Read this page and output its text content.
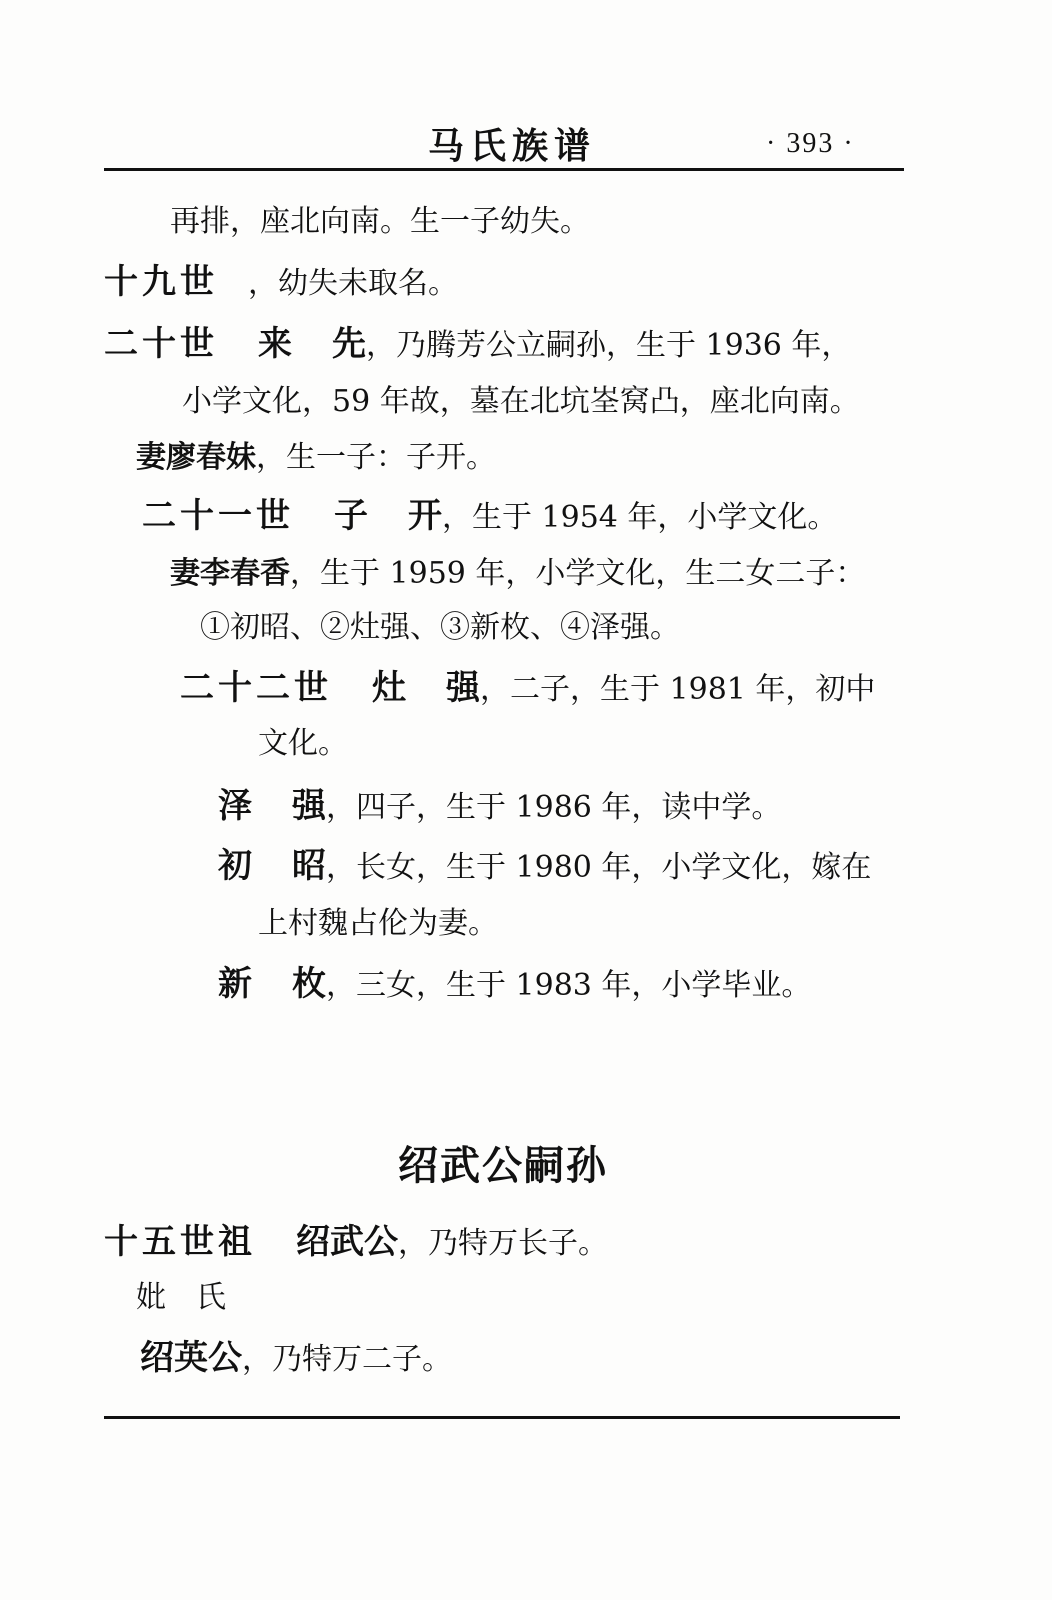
马氏族谱	· 393 ·
再排，座北向南。生一子幼失。
十九世 ，幼失未取名。
二十世 来 先，乃腾芳公立嗣孙，生于 1936 年，
小学文化，59 年故，墓在北坑峑窝凸，座北向南。
妻廖春妹，生一子：子开。
二十一世 子 开，生于 1954 年，小学文化。
妻李春香，生于 1959 年，小学文化，生二女二子：
①初昭、②灶强、③新枚、④泽强。
二十二世 灶 强，二子，生于 1981 年，初中
文化。
泽 强，四子，生于 1986 年，读中学。
初 昭，长女，生于 1980 年，小学文化，嫁在
上村魏占伦为妻。
新 枚，三女，生于 1983 年，小学毕业。
绍武公嗣孙
十五世祖 绍武公，乃特万长子。
妣 氏
绍英公，乃特万二子。
